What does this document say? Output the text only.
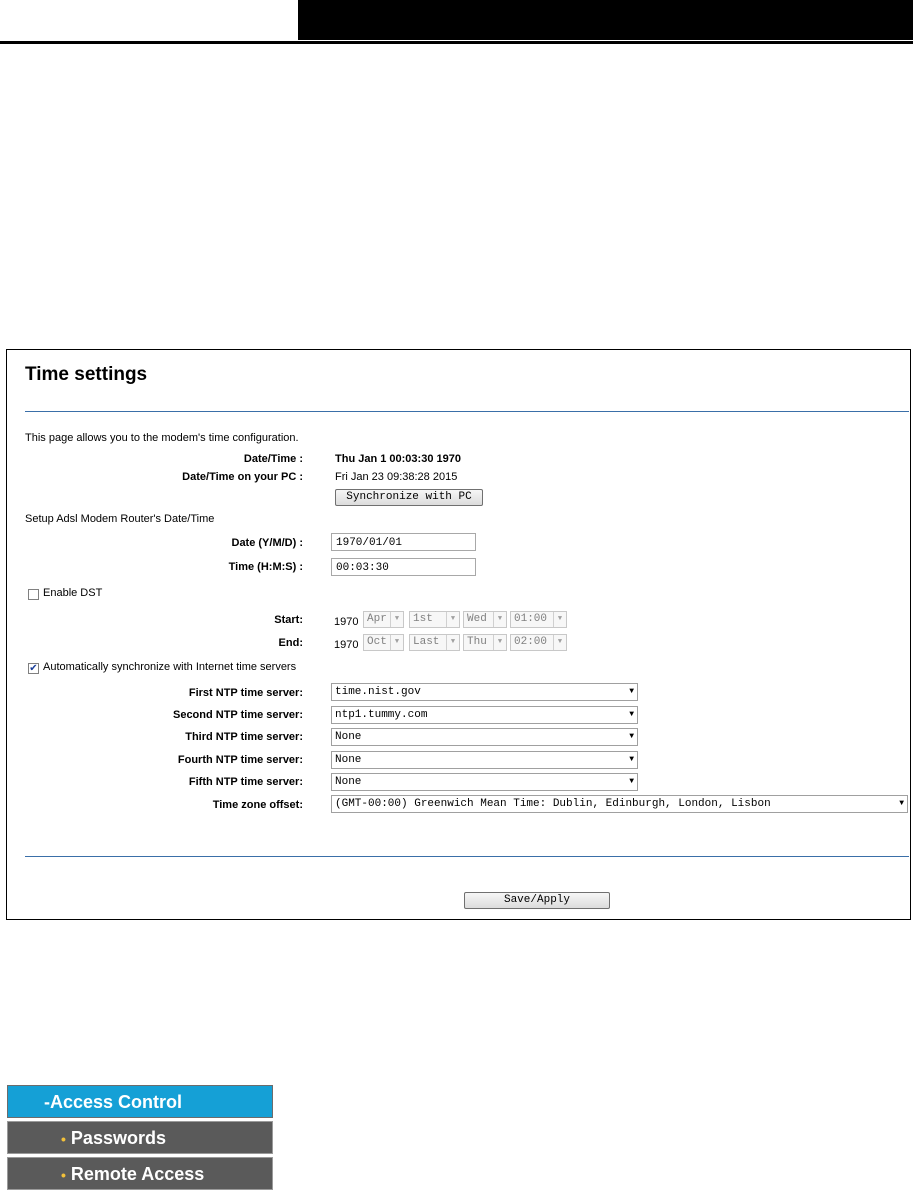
Time settings
This page allows you to the modem's time configuration.
Date/Time :	Thu Jan 1 00:03:30 1970
Date/Time on your PC :	Fri Jan 23 09:38:28 2015
Synchronize with PC
Setup Adsl Modem Router's Date/Time
Date (Y/M/D) :	1970/01/01
Time (H:M:S) :	00:03:30
Enable DST
Start:	1970 Apr	▼	1st	▼	Wed	▼	01:00	▼
End:	1970 Oct	▼	Last	▼	Thu	▼	02:00	▼
✔ Automatically synchronize with Internet time servers
First NTP time server:	time.nist.gov	▼
Second NTP time server:	ntp1.tummy.com	▼
Third NTP time server:	None	▼
Fourth NTP time server:	None	▼
Fifth NTP time server:	None	▼
Time zone offset:	(GMT-00:00) Greenwich Mean Time: Dublin, Edinburgh, London, Lisbon	▼
Save/Apply
-Access Control
• Passwords
• Remote Access
